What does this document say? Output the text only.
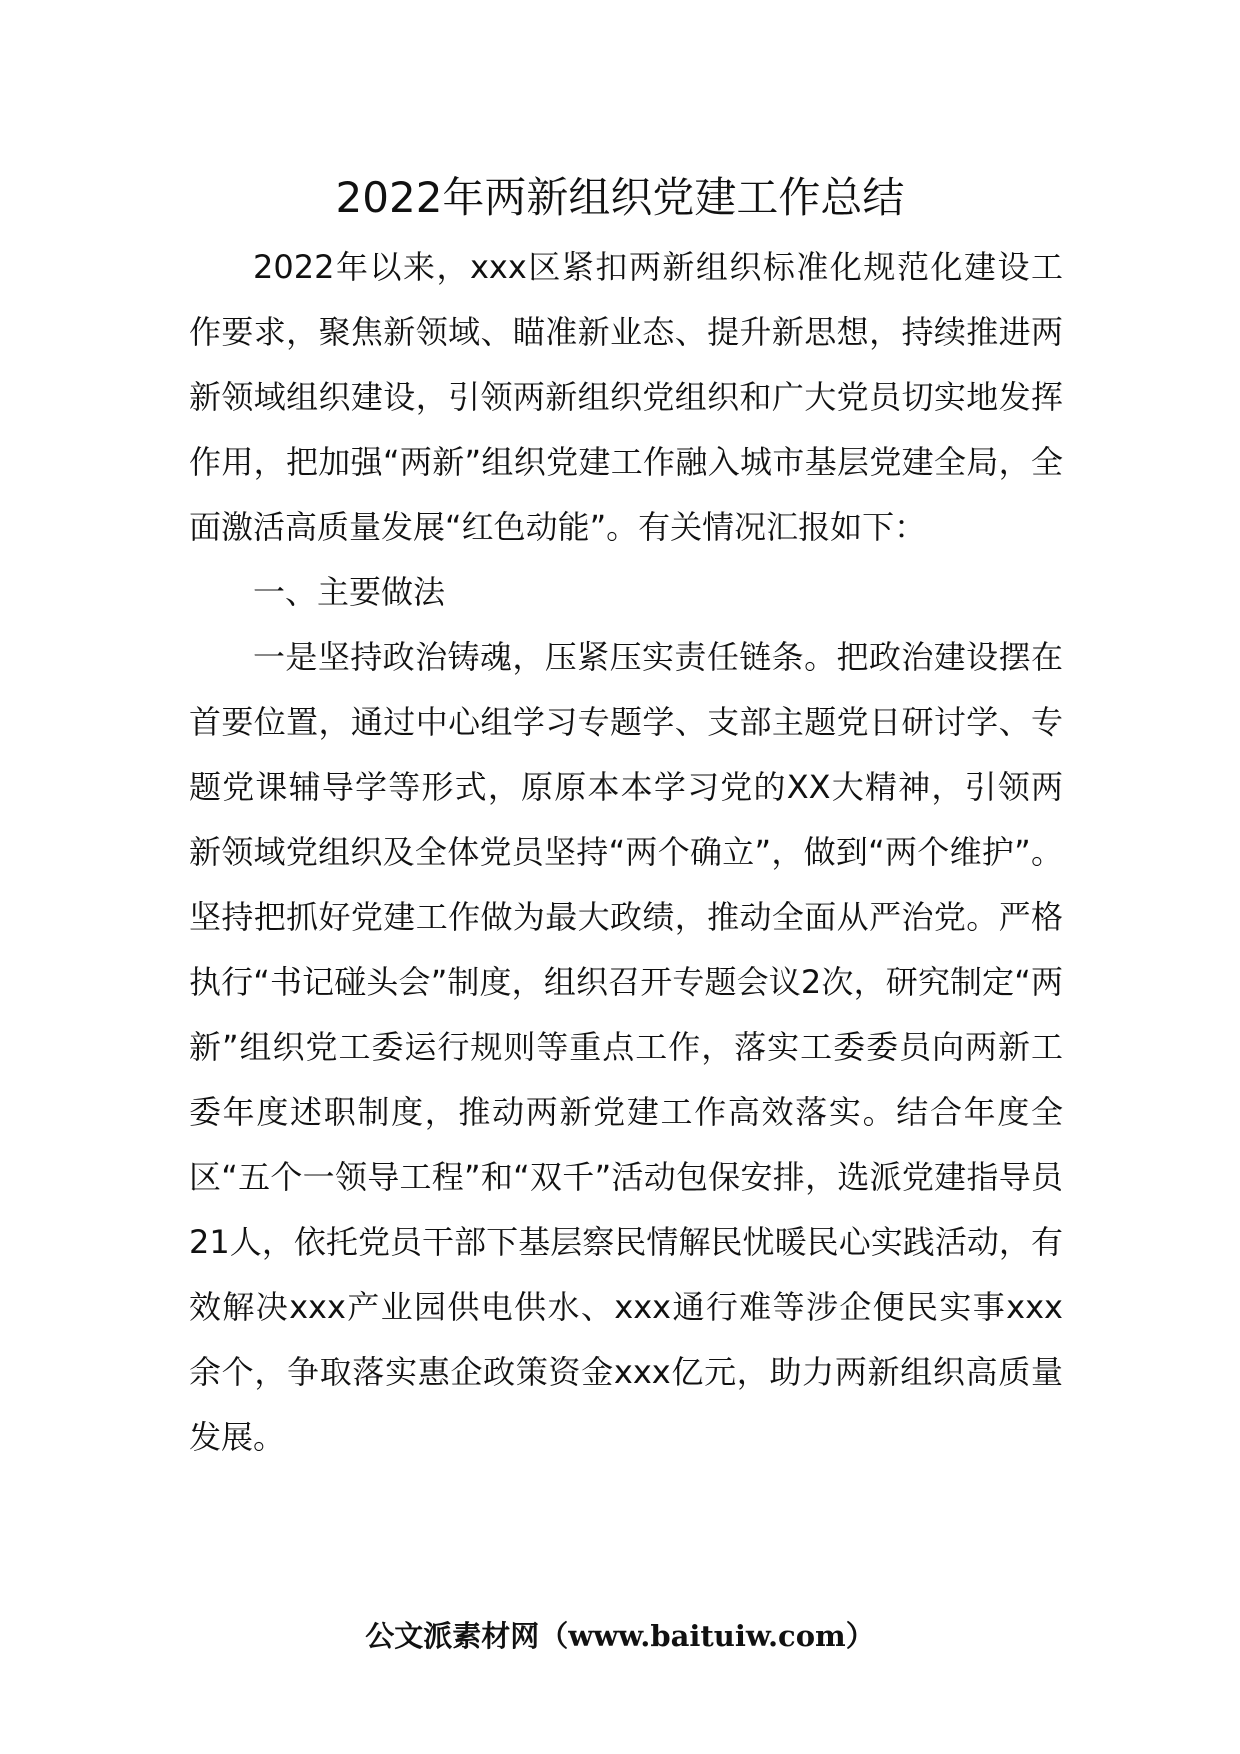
2022年两新组织党建工作总结

2022年以来，xxx区紧扣两新组织标准化规范化建设工作要求，聚焦新领域、瞄准新业态、提升新思想，持续推进两新领域组织建设，引领两新组织党组织和广大党员切实地发挥作用，把加强“两新”组织党建工作融入城市基层党建全局，全面激活高质量发展“红色动能”。有关情况汇报如下：

一、主要做法

一是坚持政治铸魂，压紧压实责任链条。把政治建设摆在首要位置，通过中心组学习专题学、支部主题党日研讨学、专题党课辅导学等形式，原原本本学习党的XX大精神，引领两新领域党组织及全体党员坚持“两个确立”，做到“两个维护”。坚持把抓好党建工作做为最大政绩，推动全面从严治党。严格执行“书记碰头会”制度，组织召开专题会议2次，研究制定“两新”组织党工委运行规则等重点工作，落实工委委员向两新工委年度述职制度，推动两新党建工作高效落实。结合年度全区“五个一领导工程”和“双千”活动包保安排，选派党建指导员21人，依托党员干部下基层察民情解民忧暖民心实践活动，有效解决xxx产业园供电供水、xxx通行难等涉企便民实事xxx余个，争取落实惠企政策资金xxx亿元，助力两新组织高质量发展。

公文派素材网（www.baituiw.com）
